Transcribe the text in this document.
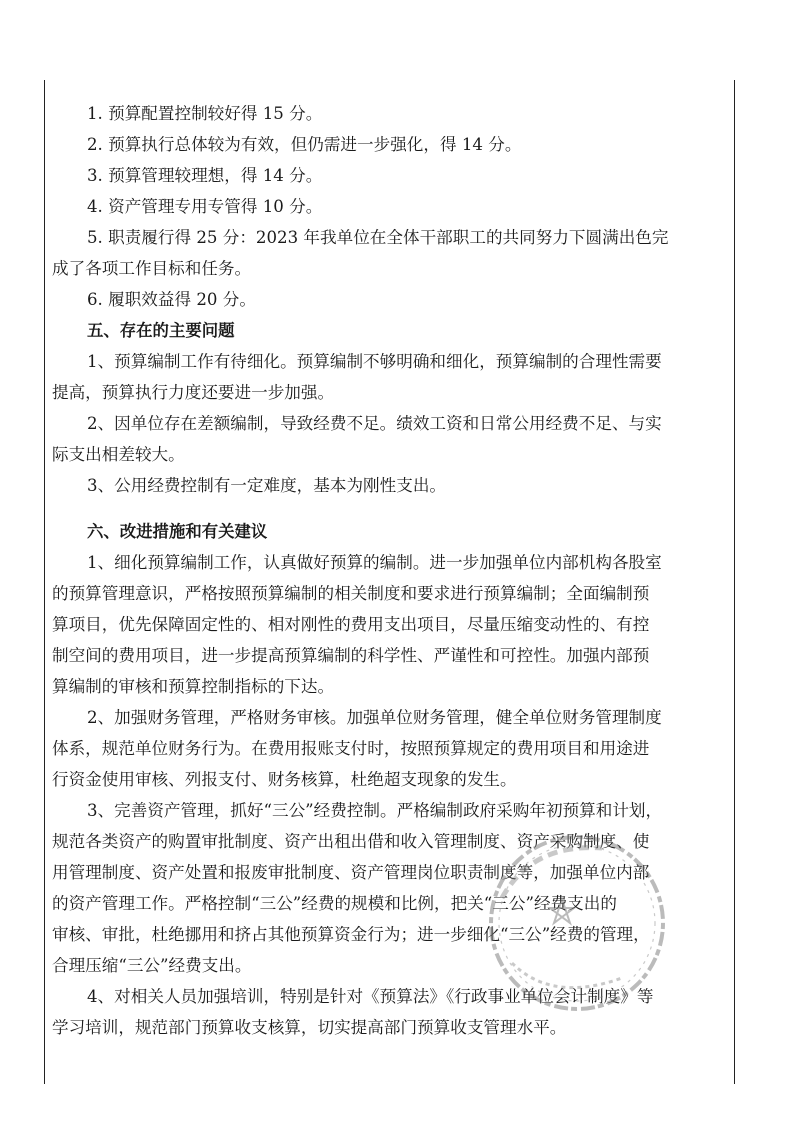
1. 预算配置控制较好得 15 分。
2. 预算执行总体较为有效，但仍需进一步强化，得 14 分。
3. 预算管理较理想，得 14 分。
4. 资产管理专用专管得 10 分。
5. 职责履行得 25 分：2023 年我单位在全体干部职工的共同努力下圆满出色完
成了各项工作目标和任务。
6. 履职效益得 20 分。
五、存在的主要问题
1、预算编制工作有待细化。预算编制不够明确和细化，预算编制的合理性需要
提高，预算执行力度还要进一步加强。
2、因单位存在差额编制，导致经费不足。绩效工资和日常公用经费不足、与实
际支出相差较大。
3、公用经费控制有一定难度，基本为刚性支出。
六、改进措施和有关建议
1、细化预算编制工作，认真做好预算的编制。进一步加强单位内部机构各股室
的预算管理意识，严格按照预算编制的相关制度和要求进行预算编制；全面编制预
算项目，优先保障固定性的、相对刚性的费用支出项目，尽量压缩变动性的、有控
制空间的费用项目，进一步提高预算编制的科学性、严谨性和可控性。加强内部预
算编制的审核和预算控制指标的下达。
2、加强财务管理，严格财务审核。加强单位财务管理，健全单位财务管理制度
体系，规范单位财务行为。在费用报账支付时，按照预算规定的费用项目和用途进
行资金使用审核、列报支付、财务核算，杜绝超支现象的发生。
3、完善资产管理，抓好“三公”经费控制。严格编制政府采购年初预算和计划，
规范各类资产的购置审批制度、资产出租出借和收入管理制度、资产采购制度、使
用管理制度、资产处置和报废审批制度、资产管理岗位职责制度等，加强单位内部
的资产管理工作。严格控制“三公”经费的规模和比例，把关“三公”经费支出的
审核、审批，杜绝挪用和挤占其他预算资金行为；进一步细化“三公”经费的管理，
合理压缩“三公”经费支出。
4、对相关人员加强培训，特别是针对《预算法》《行政事业单位会计制度》等
学习培训，规范部门预算收支核算，切实提高部门预算收支管理水平。
